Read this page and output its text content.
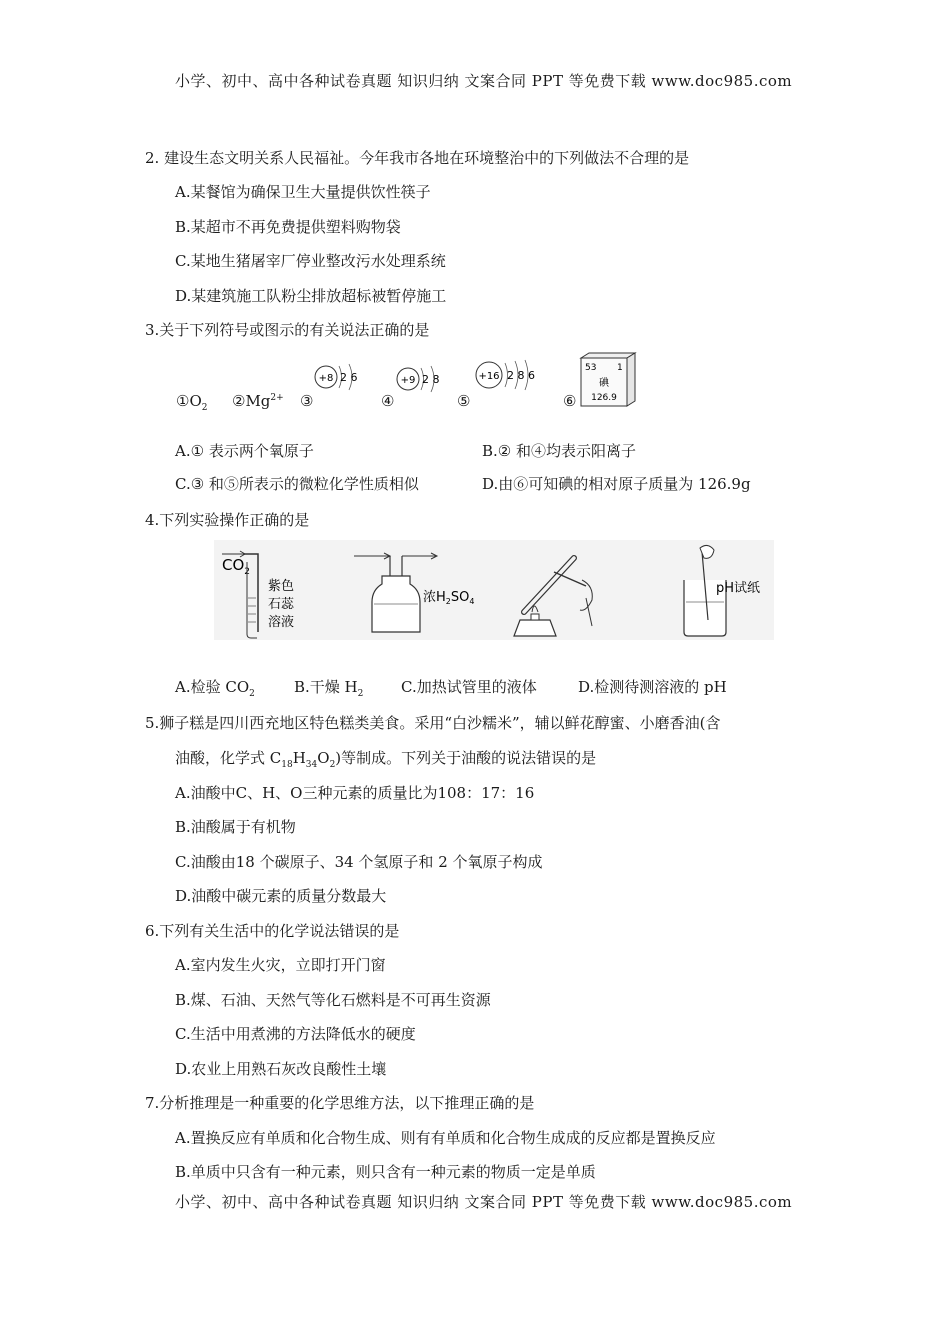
小学、初中、高中各种试卷真题 知识归纳 文案合同 PPT 等免费下载 www.doc985.com
2. 建设生态文明关系人民福祉。今年我市各地在环境整治中的下列做法不合理的是
A.某餐馆为确保卫生大量提供饮性筷子
B.某超市不再免费提供塑料购物袋
C.某地生猪屠宰厂停业整改污水处理系统
D.某建筑施工队粉尘排放超标被暂停施工
3.关于下列符号或图示的有关说法正确的是
$①O_2$ $②Mg^{2+}$ ③	④	⑤	⑥
+8 2 6	+9 2 8	+16 2 8 6
53 1
碘
126.9
A.① 表示两个氧原子	B.② 和④均表示阳离子
C.③ 和⑤所表示的微粒化学性质相似	D.由⑥可知碘的相对原子质量为 126.9g
4.下列实验操作正确的是
$CO_2$
紫色
石蕊
溶液
浓$H_2SO_4$
pH试纸
A.检验 $CO_2$	B.干燥 $H_2$	C.加热试管里的液体	D.检测待测溶液的 pH
5.狮子糕是四川西充地区特色糕类美食。采用“白沙糯米”，辅以鲜花醇蜜、小磨香油(含
油酸，化学式 $C_{18}H_{34}O_2$)等制成。下列关于油酸的说法错误的是
A.油酸中C、H、O三种元素的质量比为108：17：16
B.油酸属于有机物
C.油酸由18 个碳原子、34 个氢原子和 2 个氧原子构成
D.油酸中碳元素的质量分数最大
6.下列有关生活中的化学说法错误的是
A.室内发生火灾，立即打开门窗
B.煤、石油、天然气等化石燃料是不可再生资源
C.生活中用煮沸的方法降低水的硬度
D.农业上用熟石灰改良酸性土壤
7.分析推理是一种重要的化学思维方法，以下推理正确的是
A.置换反应有单质和化合物生成、则有有单质和化合物生成成的反应都是置换反应
B.单质中只含有一种元素，则只含有一种元素的物质一定是单质
小学、初中、高中各种试卷真题 知识归纳 文案合同 PPT 等免费下载 www.doc985.com
